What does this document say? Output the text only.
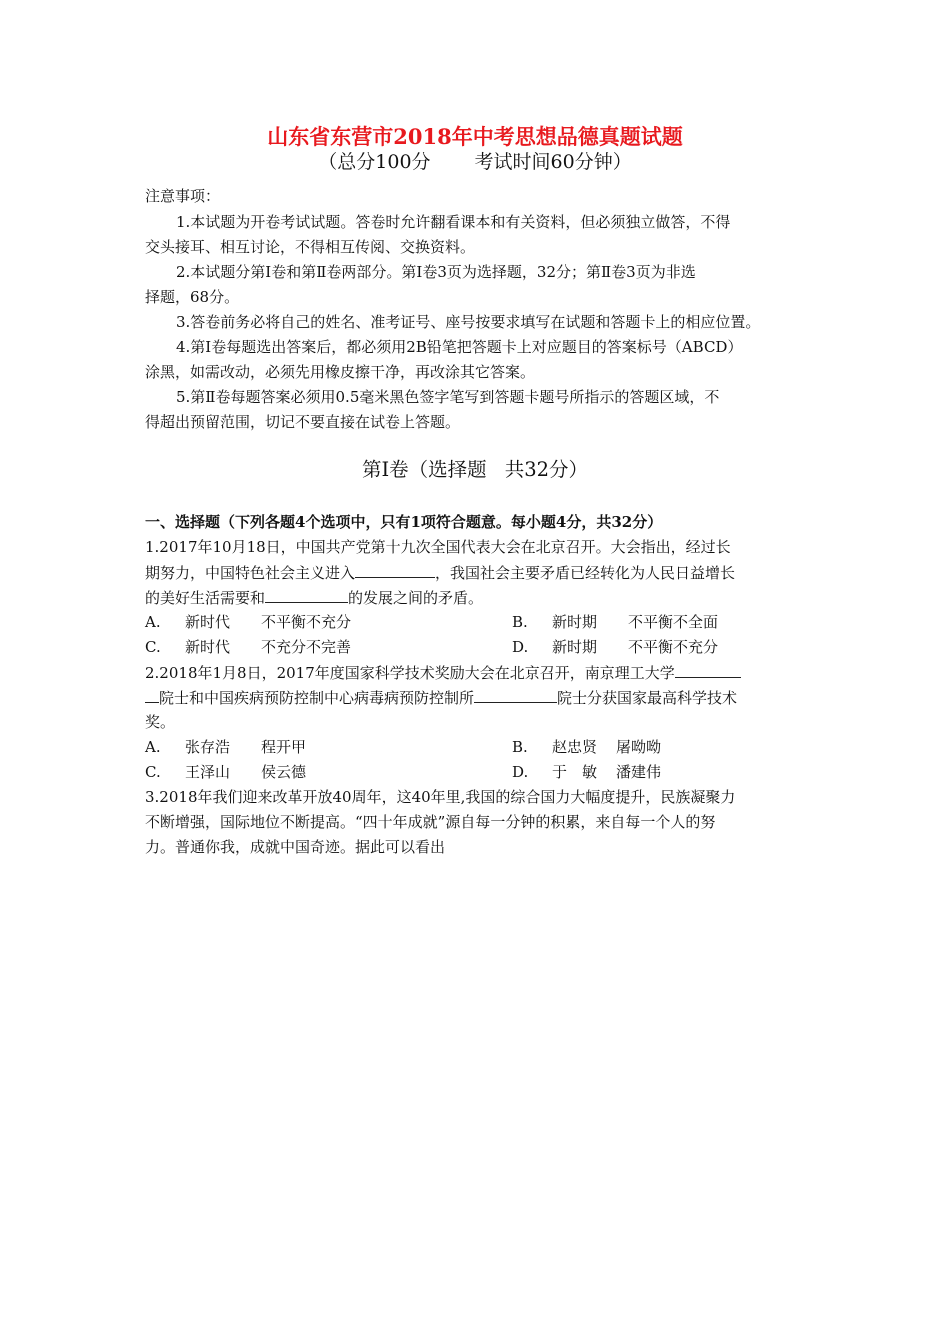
山东省东营市2018年中考思想品德真题试题
（总分100分 考试时间60分钟）
注意事项：
1.本试题为开卷考试试题。答卷时允许翻看课本和有关资料，但必须独立做答，不得
交头接耳、相互讨论，不得相互传阅、交换资料。
2.本试题分第Ⅰ卷和第Ⅱ卷两部分。第Ⅰ卷3页为选择题，32分；第Ⅱ卷3页为非选
择题，68分。
3.答卷前务必将自己的姓名、准考证号、座号按要求填写在试题和答题卡上的相应位置。
4.第Ⅰ卷每题选出答案后，都必须用2B铅笔把答题卡上对应题目的答案标号（ABCD）
涂黑，如需改动，必须先用橡皮擦干净，再改涂其它答案。
5.第Ⅱ卷每题答案必须用0.5毫米黑色签字笔写到答题卡题号所指示的答题区域，不
得超出预留范围，切记不要直接在试卷上答题。
第Ⅰ卷（选择题 共32分）
一、选择题（下列各题4个选项中，只有1项符合题意。每小题4分，共32分）
1.2017年10月18日，中国共产党第十九次全国代表大会在北京召开。大会指出，经过长
期努力，中国特色社会主义进入	，我国社会主要矛盾已经转化为人民日益增长
的美好生活需要和	的发展之间的矛盾。
A. 新时代 不平衡不充分	B. 新时期 不平衡不全面
C. 新时代 不充分不完善	D. 新时期 不平衡不充分
2.2018年1月8日，2017年度国家科学技术奖励大会在北京召开，南京理工大学
院士和中国疾病预防控制中心病毒病预防控制所	院士分获国家最高科学技术
奖。
A. 张存浩 程开甲	B. 赵忠贤 屠呦呦
C. 王泽山 侯云德	D. 于　敏 潘建伟
3.2018年我们迎来改革开放40周年，这40年里,我国的综合国力大幅度提升，民族凝聚力
不断增强，国际地位不断提高。“四十年成就”源自每一分钟的积累，来自每一个人的努
力。普通你我，成就中国奇迹。据此可以看出
